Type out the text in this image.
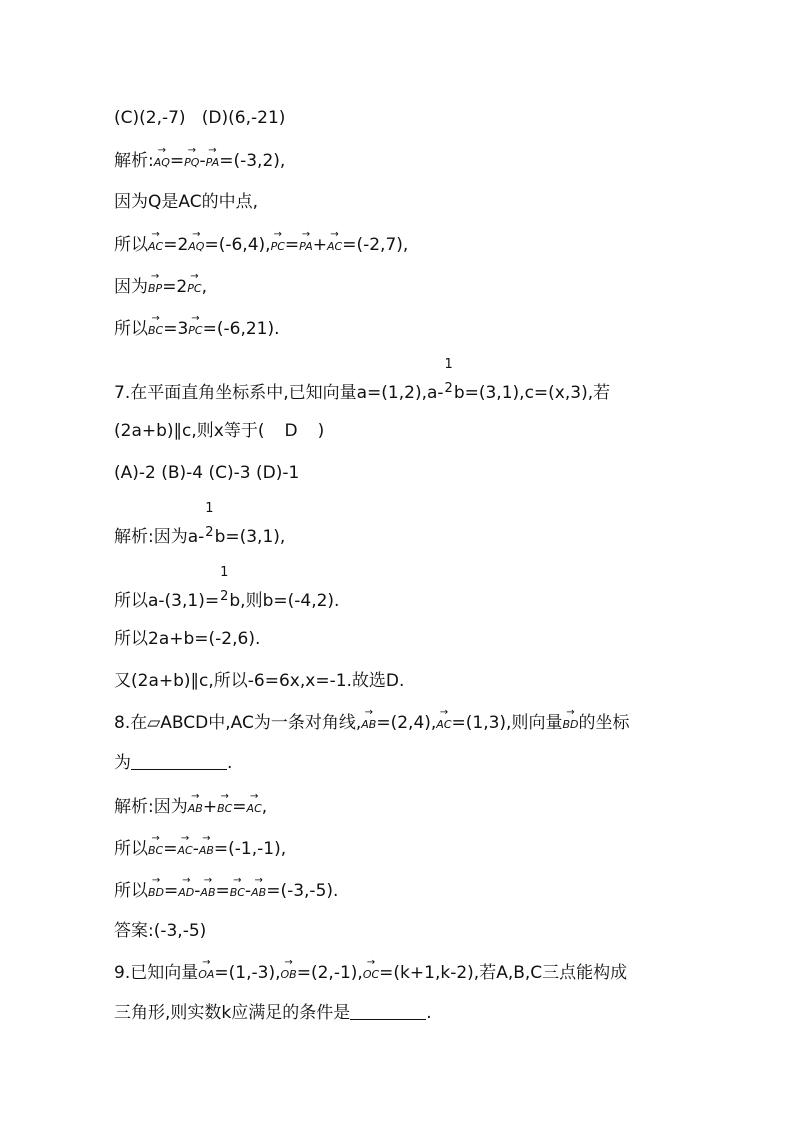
(C)(2,-7) (D)(6,-21)
解析:→ AQ=→ PQ-→ PA=(-3,2),
因为Q是AC的中点,
所以→ AC=2→ AQ=(-6,4),→ PC=→ PA+→ AC=(-2,7),
因为→ BP=2→ PC,
所以→ BC=3→ PC=(-6,21).
7.在平面直角坐标系中,已知向量a=(1,2),a-
1
2b=(3,1),c=(x,3),若
(2a+b)∥c,则x等于( D )
(A)-2 (B)-4 (C)-3 (D)-1
解析:因为a-
1
2b=(3,1),
所以a-(3,1)=
1
2b,则b=(-4,2).
所以2a+b=(-2,6).
又(2a+b)∥c,所以-6=6x,x=-1.故选D.
8.在▱ABCD中,AC为一条对角线,→ AB=(2,4),→ AC=(1,3),则向量→ BD的坐标
为	.
解析:因为→ AB+→ BC=→ AC,
所以→ BC=→ AC-→ AB=(-1,-1),
所以→ BD=→ AD-→ AB=→ BC-→ AB=(-3,-5).
答案:(-3,-5)
9.已知向量→ OA=(1,-3),→ OB=(2,-1),→ OC=(k+1,k-2),若A,B,C三点能构成
三角形,则实数k应满足的条件是	.
